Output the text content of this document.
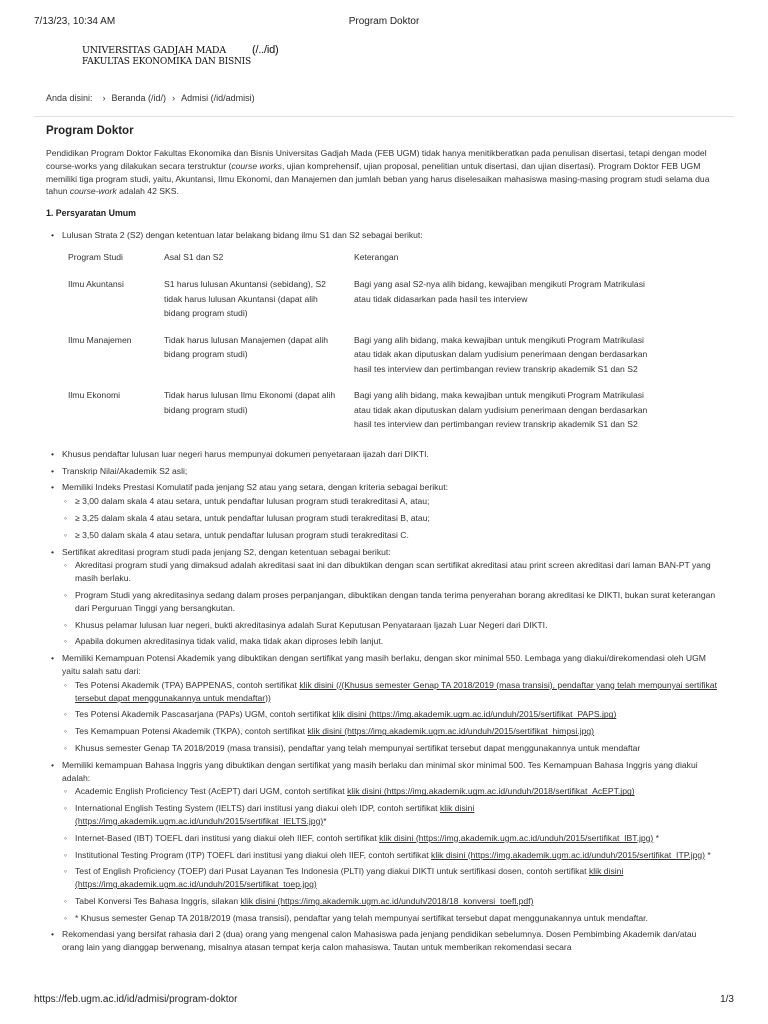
7/13/23, 10:34 AM	Program Doktor
UNIVERSITAS GADJAH MADA (/../id)
FAKULTAS EKONOMIKA DAN BISNIS
Anda disini: › Beranda (/id/) › Admisi (/id/admisi)
Program Doktor

Pendidikan Program Doktor Fakultas Ekonomika dan Bisnis Universitas Gadjah Mada (FEB UGM) tidak hanya menitikberatkan pada penulisan disertasi, tetapi dengan model course-works yang dilakukan secara terstruktur (course works, ujian komprehensif, ujian proposal, penelitian untuk disertasi, dan ujian disertasi). Program Doktor FEB UGM memiliki tiga program studi, yaitu, Akuntansi, Ilmu Ekonomi, dan Manajemen dan jumlah beban yang harus diselesaikan mahasiswa masing-masing program studi selama dua tahun course-work adalah 42 SKS.

1. Persyaratan Umum
• Lulusan Strata 2 (S2) dengan ketentuan latar belakang bidang ilmu S1 dan S2 sebagai berikut:
Program Studi	Asal S1 dan S2	Keterangan
Ilmu Akuntansi	S1 harus lulusan Akuntansi (sebidang), S2 tidak harus lulusan Akuntansi (dapat alih bidang program studi)	Bagi yang asal S2-nya alih bidang, kewajiban mengikuti Program Matrikulasi atau tidak didasarkan pada hasil tes interview
Ilmu Manajemen	Tidak harus lulusan Manajemen (dapat alih bidang program studi)	Bagi yang alih bidang, maka kewajiban untuk mengikuti Program Matrikulasi atau tidak akan diputuskan dalam yudisium penerimaan dengan berdasarkan hasil tes interview dan pertimbangan review transkrip akademik S1 dan S2
Ilmu Ekonomi	Tidak harus lulusan Ilmu Ekonomi (dapat alih bidang program studi)	Bagi yang alih bidang, maka kewajiban untuk mengikuti Program Matrikulasi atau tidak akan diputuskan dalam yudisium penerimaan dengan berdasarkan hasil tes interview dan pertimbangan review transkrip akademik S1 dan S2
• Khusus pendaftar lulusan luar negeri harus mempunyai dokumen penyetaraan ijazah dari DIKTI.
• Transkrip Nilai/Akademik S2 asli;
• Memiliki Indeks Prestasi Komulatif pada jenjang S2 atau yang setara, dengan kriteria sebagai berikut:
◦ ≥ 3,00 dalam skala 4 atau setara, untuk pendaftar lulusan program studi terakreditasi A, atau;
◦ ≥ 3,25 dalam skala 4 atau setara, untuk pendaftar lulusan program studi terakreditasi B, atau;
◦ ≥ 3,50 dalam skala 4 atau setara, untuk pendaftar lulusan program studi terakreditasi C.
• Sertifikat akreditasi program studi pada jenjang S2, dengan ketentuan sebagai berikut:
◦ Akreditasi program studi yang dimaksud adalah akreditasi saat ini dan dibuktikan dengan scan sertifikat akreditasi atau print screen akreditasi dari laman BAN-PT yang masih berlaku.
◦ Program Studi yang akreditasinya sedang dalam proses perpanjangan, dibuktikan dengan tanda terima penyerahan borang akreditasi ke DIKTI, bukan surat keterangan dari Perguruan Tinggi yang bersangkutan.
◦ Khusus pelamar lulusan luar negeri, bukti akreditasinya adalah Surat Keputusan Penyataraan Ijazah Luar Negeri dari DIKTI.
◦ Apabila dokumen akreditasinya tidak valid, maka tidak akan diproses lebih lanjut.
• Memiliki Kemampuan Potensi Akademik yang dibuktikan dengan sertifikat yang masih berlaku, dengan skor minimal 550. Lembaga yang diakui/direkomendasi oleh UGM yaitu salah satu dari:
◦ Tes Potensi Akademik (TPA) BAPPENAS, contoh sertifikat klik disini (/(Khusus semester Genap TA 2018/2019 (masa transisi), pendaftar yang telah mempunyai sertifikat tersebut dapat menggunakannya untuk mendaftar))
◦ Tes Potensi Akademik Pascasarjana (PAPs) UGM, contoh sertifikat klik disini (https://img.akademik.ugm.ac.id/unduh/2015/sertifikat_PAPS.jpg)
◦ Tes Kemampuan Potensi Akademik (TKPA), contoh sertifikat klik disini (https://img.akademik.ugm.ac.id/unduh/2015/sertifikat_himpsi.jpg)
◦ Khusus semester Genap TA 2018/2019 (masa transisi), pendaftar yang telah mempunyai sertifikat tersebut dapat menggunakannya untuk mendaftar
• Memiliki kemampuan Bahasa Inggris yang dibuktikan dengan sertifikat yang masih berlaku dan minimal skor minimal 500. Tes Kemampuan Bahasa Inggris yang diakui adalah:
◦ Academic English Proficiency Test (AcEPT) dari UGM, contoh sertifikat klik disini (https://img.akademik.ugm.ac.id/unduh/2018/sertifikat_AcEPT.jpg)
◦ International English Testing System (IELTS) dari institusi yang diakui oleh IDP, contoh sertifikat klik disini (https://img.akademik.ugm.ac.id/unduh/2015/sertifikat_IELTS.jpg)*
◦ Internet-Based (IBT) TOEFL dari institusi yang diakui oleh IIEF, contoh sertifikat klik disini (https://img.akademik.ugm.ac.id/unduh/2015/sertifikat_IBT.jpg) *
◦ Institutional Testing Program (ITP) TOEFL dari institusi yang diakui oleh IIEF, contoh sertifikat klik disini (https://img.akademik.ugm.ac.id/unduh/2015/sertifikat_ITP.jpg) *
◦ Test of English Proficiency (TOEP) dari Pusat Layanan Tes Indonesia (PLTI) yang diakui DIKTI untuk sertifikasi dosen, contoh sertifikat klik disini (https://img.akademik.ugm.ac.id/unduh/2015/sertifikat_toep.jpg)
◦ Tabel Konversi Tes Bahasa Inggris, silakan klik disini (https://img.akademik.ugm.ac.id/unduh/2018/18_konversi_toefl.pdf)
◦ * Khusus semester Genap TA 2018/2019 (masa transisi), pendaftar yang telah mempunyai sertifikat tersebut dapat menggunakannya untuk mendaftar.
• Rekomendasi yang bersifat rahasia dari 2 (dua) orang yang mengenal calon Mahasiswa pada jenjang pendidikan sebelumnya. Dosen Pembimbing Akademik dan/atau orang lain yang dianggap berwenang, misalnya atasan tempat kerja calon mahasiswa. Tautan untuk memberikan rekomendasi secara
https://feb.ugm.ac.id/id/admisi/program-doktor	1/3
